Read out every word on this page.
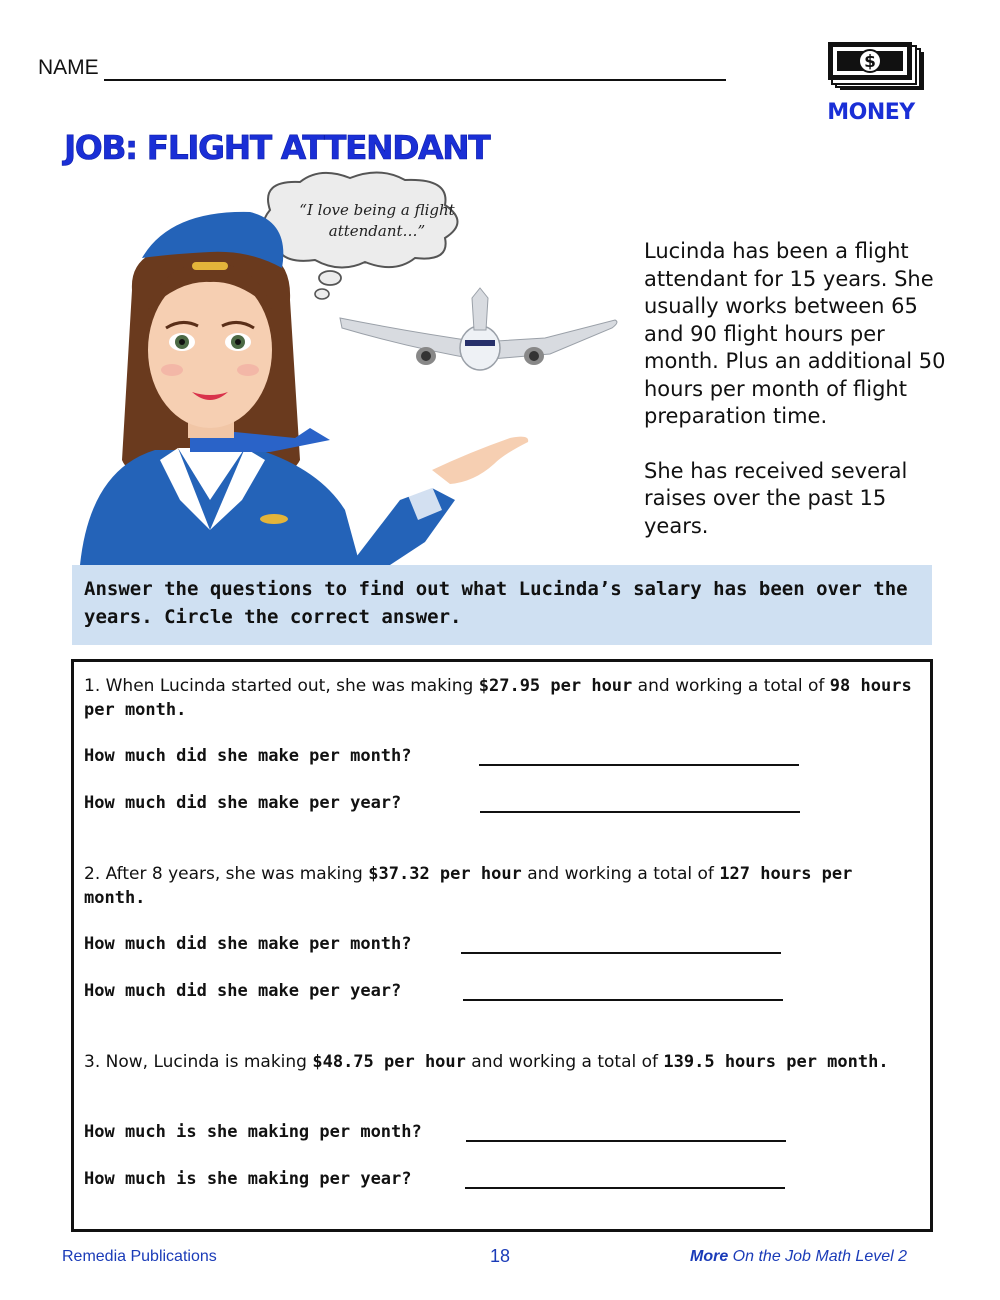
NAME	$
MONEY
JOB: FLIGHT ATTENDANT
“I love being a flight attendant…”

Lucinda has been a flight attendant for 15 years. She usually works between 65 and 90 flight hours per month. Plus an additional 50 hours per month of flight preparation time.

She has received several raises over the past 15 years.

Answer the questions to find out what Lucinda’s salary has been over the years. Circle the correct answer.
1. When Lucinda started out, she was making $27.95 per hour and working a total of 98 hours per month.
How much did she make per month?
How much did she make per year?
2. After 8 years, she was making $37.32 per hour and working a total of 127 hours per month.
How much did she make per month?
How much did she make per year?
3. Now, Lucinda is making $48.75 per hour and working a total of 139.5 hours per month.
How much is she making per month?
How much is she making per year?
Remedia Publications	18	More On the Job Math Level 2
